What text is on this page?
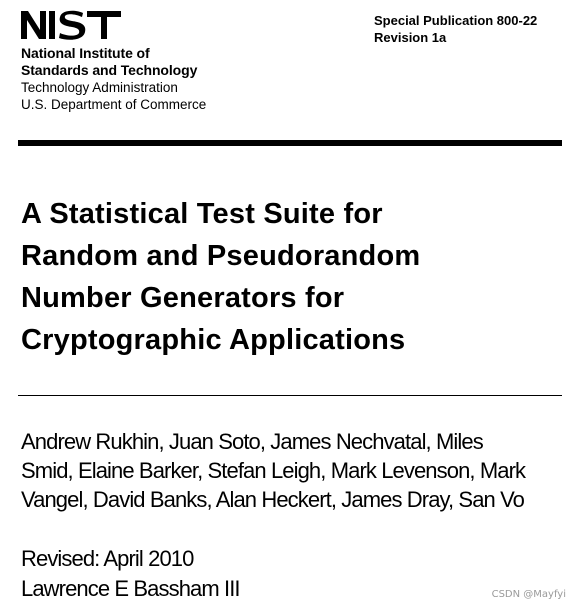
National Institute of
Standards and Technology
Technology Administration
U.S. Department of Commerce
Special Publication 800-22
Revision 1a
A Statistical Test Suite for
Random and Pseudorandom
Number Generators for
Cryptographic Applications
Andrew Rukhin, Juan Soto, James Nechvatal, Miles
Smid, Elaine Barker, Stefan Leigh, Mark Levenson, Mark
Vangel, David Banks, Alan Heckert, James Dray, San Vo
Revised: April 2010
Lawrence E Bassham III	CSDN @Mayfyi
